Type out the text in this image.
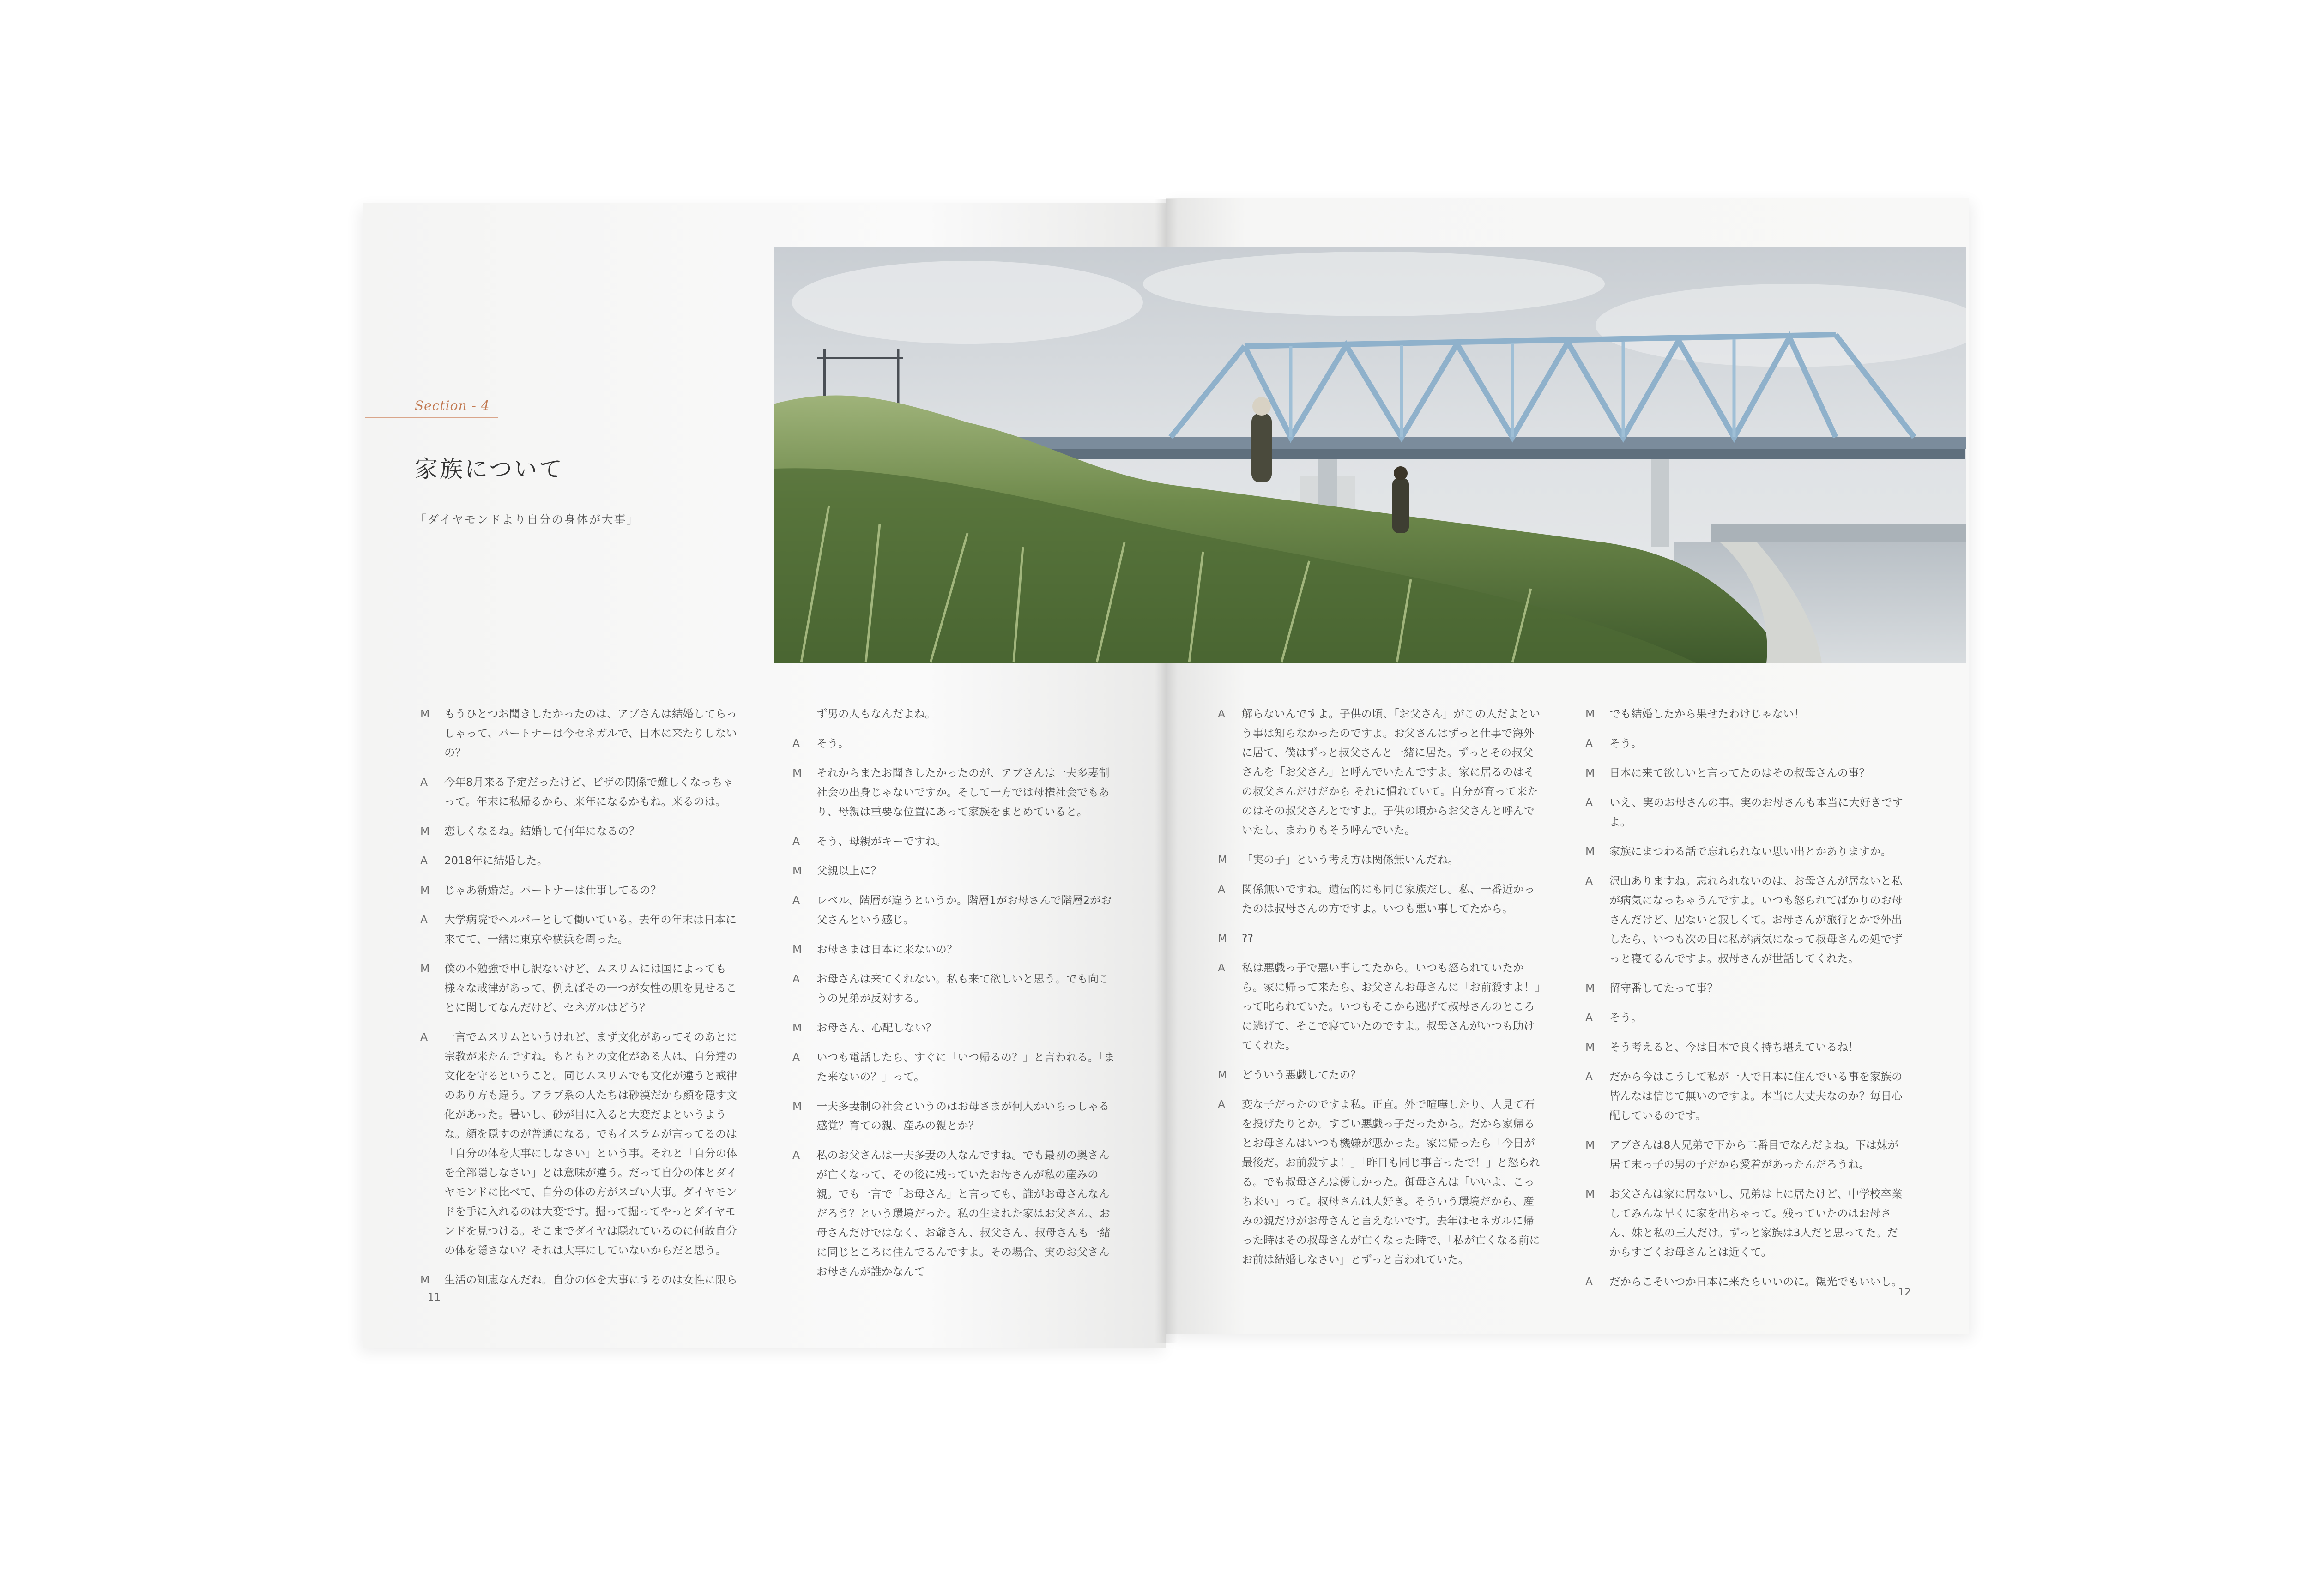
Section - 4
家族について
「ダイヤモンドより自分の身体が大事」
M	もうひとつお聞きしたかったのは、アブさんは結婚してらっしゃって、パートナーは今セネガルで、日本に来たりしないの？
A	今年8月来る予定だったけど、ビザの関係で難しくなっちゃって。年末に私帰るから、来年になるかもね。来るのは。
M	恋しくなるね。結婚して何年になるの？
A	2018年に結婚した。
M	じゃあ新婚だ。パートナーは仕事してるの？
A	大学病院でヘルパーとして働いている。去年の年末は日本に来てて、一緒に東京や横浜を周った。
M	僕の不勉強で申し訳ないけど、ムスリムには国によっても様々な戒律があって、例えばその一つが女性の肌を見せることに関してなんだけど、セネガルはどう？
A	一言でムスリムというけれど、まず文化があってそのあとに宗教が来たんですね。もともとの文化がある人は、自分達の文化を守るということ。同じムスリムでも文化が違うと戒律のあり方も違う。アラブ系の人たちは砂漠だから顔を隠す文化があった。暑いし、砂が目に入ると大変だよというような。顔を隠すのが普通になる。でもイスラムが言ってるのは「自分の体を大事にしなさい」という事。それと「自分の体を全部隠しなさい」とは意味が違う。だって自分の体とダイヤモンドに比べて、自分の体の方がスゴい大事。ダイヤモンドを手に入れるのは大変です。掘って掘ってやっとダイヤモンドを見つける。そこまでダイヤは隠れているのに何故自分の体を隠さない？それは大事にしていないからだと思う。
M	生活の知恵なんだね。自分の体を大事にするのは女性に限ら
ず男の人もなんだよね。
A	そう。
M	それからまたお聞きしたかったのが、アブさんは一夫多妻制社会の出身じゃないですか。そして一方では母権社会でもあり、母親は重要な位置にあって家族をまとめていると。
A	そう、母親がキーですね。
M	父親以上に？
A	レベル、階層が違うというか。階層1がお母さんで階層2がお父さんという感じ。
M	お母さまは日本に来ないの？
A	お母さんは来てくれない。私も来て欲しいと思う。でも向こうの兄弟が反対する。
M	お母さん、心配しない？
A	いつも電話したら、すぐに「いつ帰るの？」と言われる。「また来ないの？」って。
M	一夫多妻制の社会というのはお母さまが何人かいらっしゃる感覚？育ての親、産みの親とか？
A	私のお父さんは一夫多妻の人なんですね。でも最初の奥さんが亡くなって、その後に残っていたお母さんが私の産みの親。でも一言で「お母さん」と言っても、誰がお母さんなんだろう？という環境だった。私の生まれた家はお父さん、お母さんだけではなく、お爺さん、叔父さん、叔母さんも一緒に同じところに住んでるんですよ。その場合、実のお父さんお母さんが誰かなんて
A	解らないんですよ。子供の頃、「お父さん」がこの人だよという事は知らなかったのですよ。お父さんはずっと仕事で海外に居て、僕はずっと叔父さんと一緒に居た。ずっとその叔父さんを「お父さん」と呼んでいたんですよ。家に居るのはその叔父さんだけだから それに慣れていて。自分が育って来たのはその叔父さんとですよ。子供の頃からお父さんと呼んでいたし、まわりもそう呼んでいた。
M	「実の子」という考え方は関係無いんだね。
A	関係無いですね。遺伝的にも同じ家族だし。私、一番近かったのは叔母さんの方ですよ。いつも悪い事してたから。
M	??
A	私は悪戯っ子で悪い事してたから。いつも怒られていたから。家に帰って来たら、お父さんお母さんに「お前殺すよ！」って叱られていた。いつもそこから逃げて叔母さんのところに逃げて、そこで寝ていたのですよ。叔母さんがいつも助けてくれた。
M	どういう悪戯してたの？
A	変な子だったのですよ私。正直。外で喧嘩したり、人見て石を投げたりとか。すごい悪戯っ子だったから。だから家帰るとお母さんはいつも機嫌が悪かった。家に帰ったら「今日が最後だ。お前殺すよ！」「昨日も同じ事言ったで！」と怒られる。でも叔母さんは優しかった。御母さんは「いいよ、こっち来い」って。叔母さんは大好き。そういう環境だから、産みの親だけがお母さんと言えないです。去年はセネガルに帰った時はその叔母さんが亡くなった時で、「私が亡くなる前にお前は結婚しなさい」とずっと言われていた。
M	でも結婚したから果せたわけじゃない！
A	そう。
M	日本に来て欲しいと言ってたのはその叔母さんの事？
A	いえ、実のお母さんの事。実のお母さんも本当に大好きですよ。
M	家族にまつわる話で忘れられない思い出とかありますか。
A	沢山ありますね。忘れられないのは、お母さんが居ないと私が病気になっちゃうんですよ。いつも怒られてばかりのお母さんだけど、居ないと寂しくて。お母さんが旅行とかで外出したら、いつも次の日に私が病気になって叔母さんの処でずっと寝てるんですよ。叔母さんが世話してくれた。
M	留守番してたって事？
A	そう。
M	そう考えると、今は日本で良く持ち堪えているね！
A	だから今はこうして私が一人で日本に住んでいる事を家族の皆んなは信じて無いのですよ。本当に大丈夫なのか？毎日心配しているのです。
M	アブさんは8人兄弟で下から二番目でなんだよね。下は妹が居て末っ子の男の子だから愛着があったんだろうね。
M	お父さんは家に居ないし、兄弟は上に居たけど、中学校卒業してみんな早くに家を出ちゃって。残っていたのはお母さん、妹と私の三人だけ。ずっと家族は3人だと思ってた。だからすごくお母さんとは近くて。
A	だからこそいつか日本に来たらいいのに。観光でもいいし。
11	12
